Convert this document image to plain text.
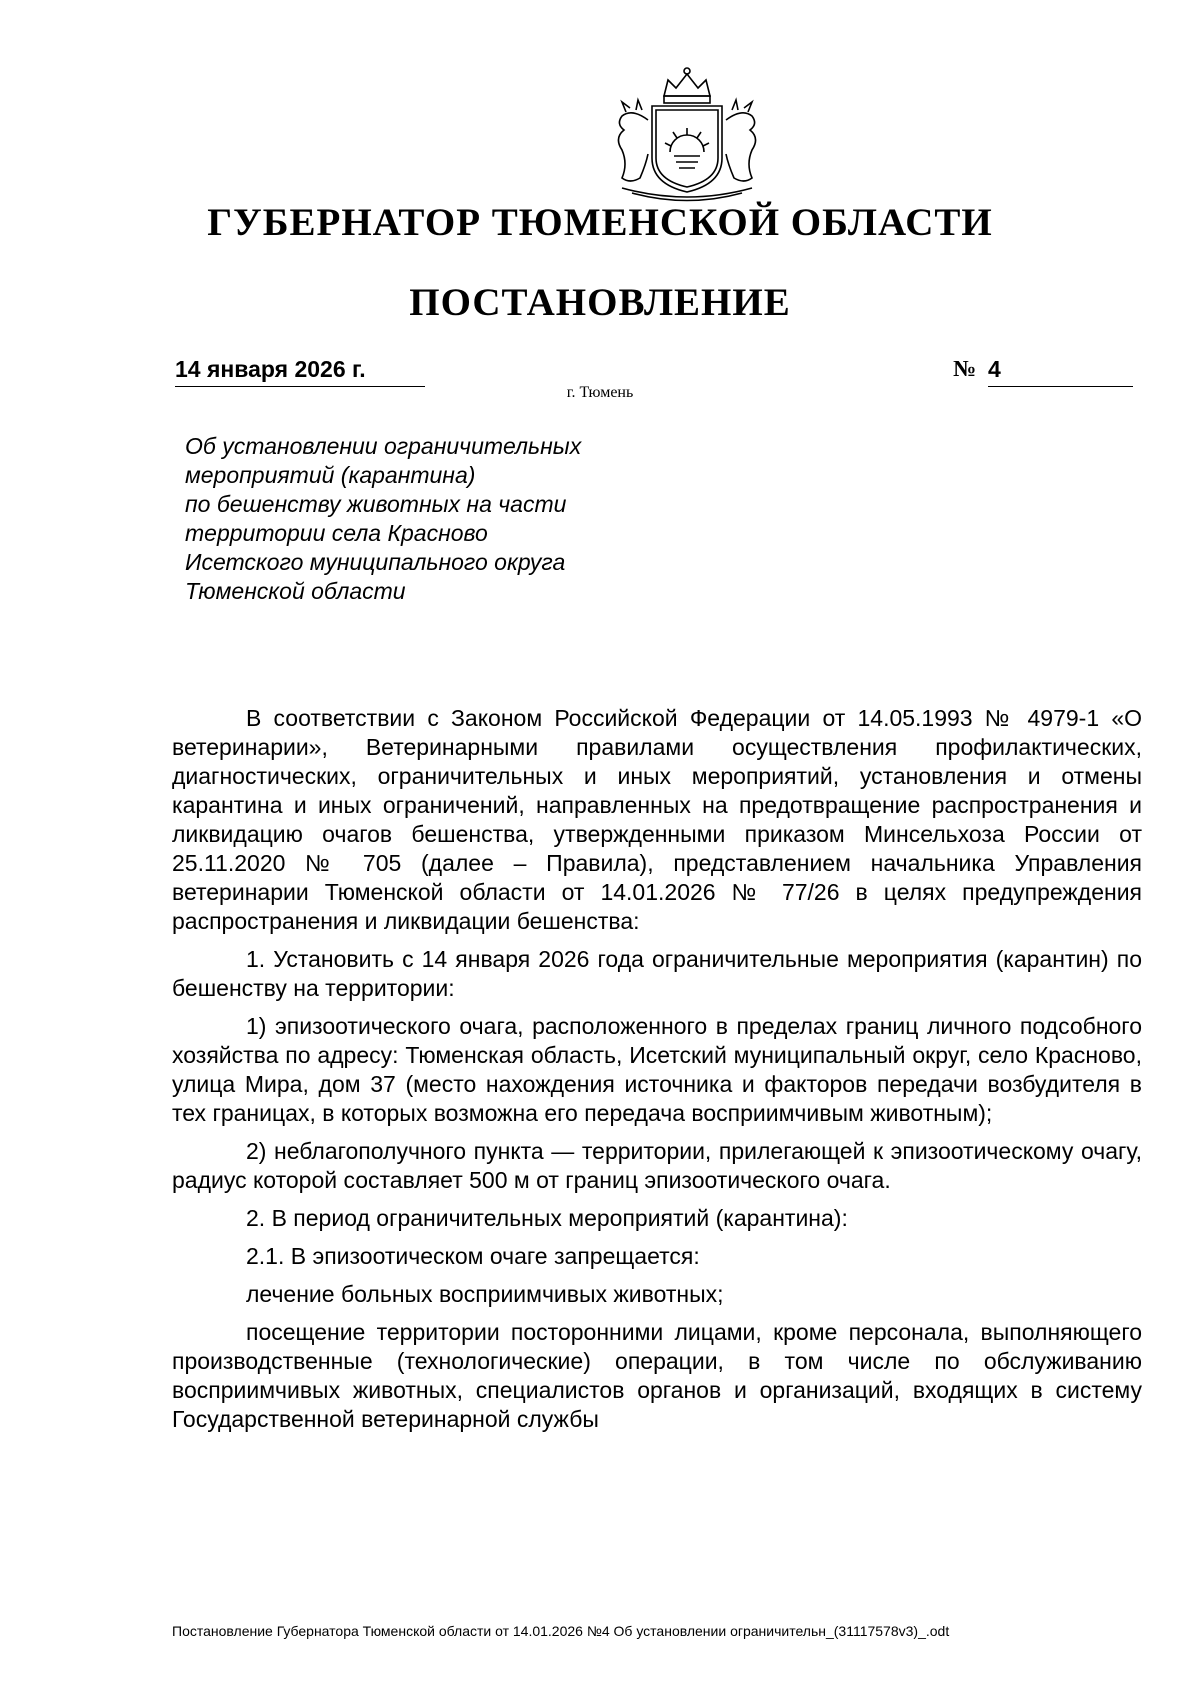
ГУБЕРНАТОР ТЮМЕНСКОЙ ОБЛАСТИ
ПОСТАНОВЛЕНИЕ
14 января 2026 г.	№ 4
г. Тюмень
Об установлении ограничительных
мероприятий (карантина)
по бешенству животных на части
территории села Красново
Исетского муниципального округа
Тюменской области

В соответствии с Законом Российской Федерации от 14.05.1993 № 4979-1 «О ветеринарии», Ветеринарными правилами осуществления профилактических, диагностических, ограничительных и иных мероприятий, установления и отмены карантина и иных ограничений, направленных на предотвращение распространения и ликвидацию очагов бешенства, утвержденными приказом Минсельхоза России от 25.11.2020 № 705 (далее – Правила), представлением начальника Управления ветеринарии Тюменской области от 14.01.2026 № 77/26 в целях предупреждения распространения и ликвидации бешенства:

1. Установить с 14 января 2026 года ограничительные мероприятия (карантин) по бешенству на территории:

1) эпизоотического очага, расположенного в пределах границ личного подсобного хозяйства по адресу: Тюменская область, Исетский муниципальный округ, село Красново, улица Мира, дом 37 (место нахождения источника и факторов передачи возбудителя в тех границах, в которых возможна его передача восприимчивым животным);

2) неблагополучного пункта — территории, прилегающей к эпизоотическому очагу, радиус которой составляет 500 м от границ эпизоотического очага.

2. В период ограничительных мероприятий (карантина):

2.1. В эпизоотическом очаге запрещается:

лечение больных восприимчивых животных;

посещение территории посторонними лицами, кроме персонала, выполняющего производственные (технологические) операции, в том числе по обслуживанию восприимчивых животных, специалистов органов и организаций, входящих в систему Государственной ветеринарной службы

Постановление Губернатора Тюменской области от 14.01.2026 №4 Об установлении ограничительн_(31117578v3)_.odt
